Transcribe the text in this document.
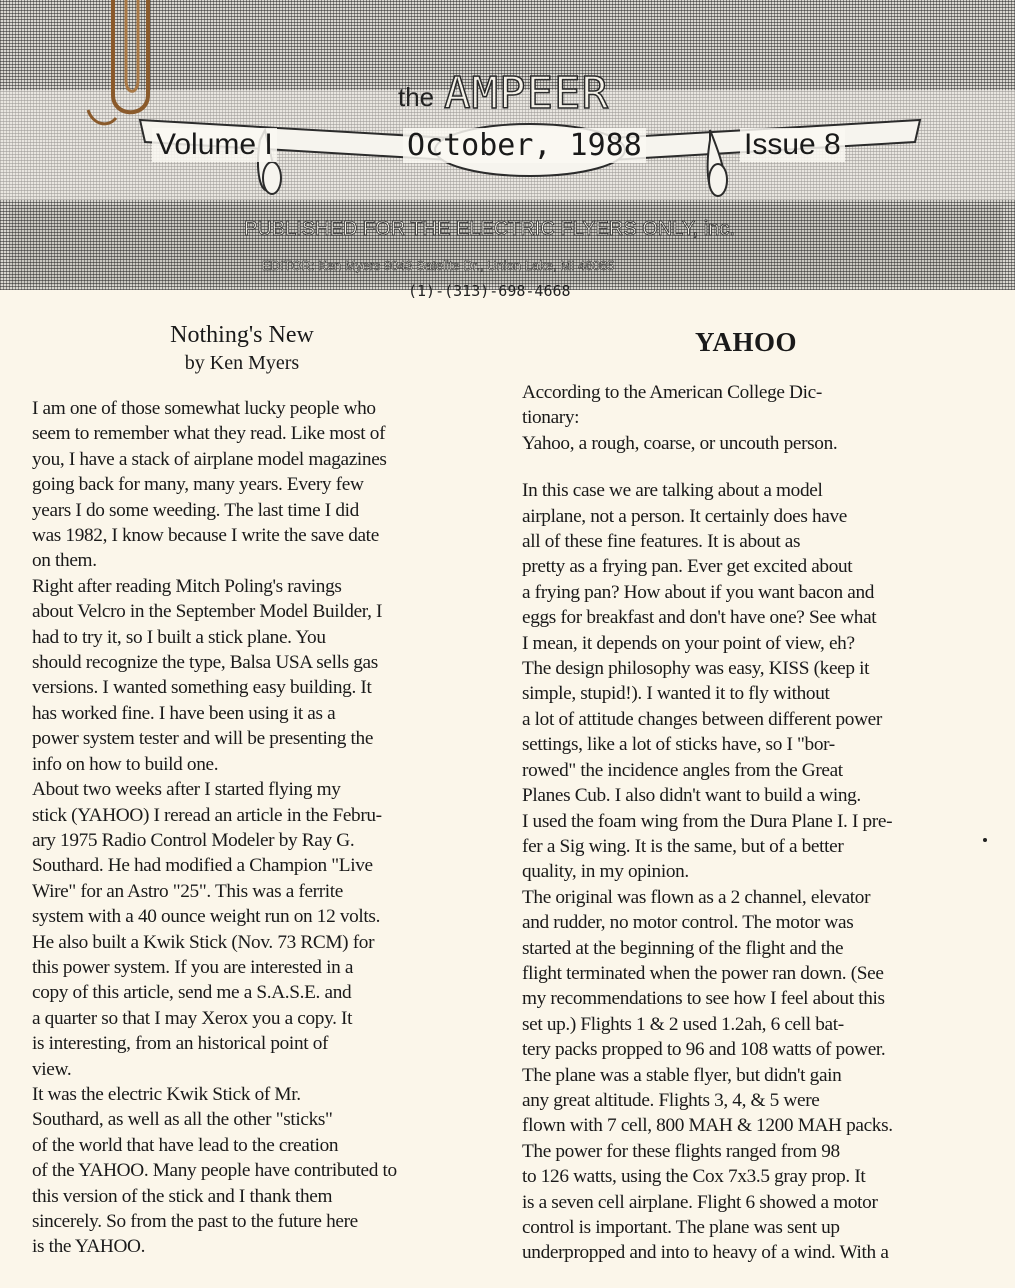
the AMPEER
Volume I	October, 1988	Issue 8
PUBLISHED FOR THE ELECTRIC FLYERS ONLY, inc.
EDITOR: Ken Myers 9043 Satelite Dr., Union Lake, MI 48085
(1)-(313)-698-4668
Nothing's New
by Ken Myers

I am one of those somewhat lucky people who
seem to remember what they read. Like most of
you, I have a stack of airplane model magazines
going back for many, many years. Every few
years I do some weeding. The last time I did
was 1982, I know because I write the save date
on them.

Right after reading Mitch Poling's ravings
about Velcro in the September Model Builder, I
had to try it, so I built a stick plane. You
should recognize the type, Balsa USA sells gas
versions. I wanted something easy building. It
has worked fine. I have been using it as a
power system tester and will be presenting the
info on how to build one.

About two weeks after I started flying my
stick (YAHOO) I reread an article in the Febru-
ary 1975 Radio Control Modeler by Ray G.
Southard. He had modified a Champion "Live
Wire" for an Astro "25". This was a ferrite
system with a 40 ounce weight run on 12 volts.
He also built a Kwik Stick (Nov. 73 RCM) for
this power system. If you are interested in a
copy of this article, send me a S.A.S.E. and
a quarter so that I may Xerox you a copy. It
is interesting, from an historical point of
view.

It was the electric Kwik Stick of Mr.
Southard, as well as all the other "sticks"
of the world that have lead to the creation
of the YAHOO. Many people have contributed to
this version of the stick and I thank them
sincerely. So from the past to the future here
is the YAHOO.

YAHOO

According to the American College Dic-
tionary:
Yahoo, a rough, coarse, or uncouth person.

In this case we are talking about a model
airplane, not a person. It certainly does have
all of these fine features. It is about as
pretty as a frying pan. Ever get excited about
a frying pan? How about if you want bacon and
eggs for breakfast and don't have one? See what
I mean, it depends on your point of view, eh?

The design philosophy was easy, KISS (keep it
simple, stupid!). I wanted it to fly without
a lot of attitude changes between different power
settings, like a lot of sticks have, so I "bor-
rowed" the incidence angles from the Great
Planes Cub. I also didn't want to build a wing.
I used the foam wing from the Dura Plane I. I pre-
fer a Sig wing. It is the same, but of a better
quality, in my opinion.

The original was flown as a 2 channel, elevator
and rudder, no motor control. The motor was
started at the beginning of the flight and the
flight terminated when the power ran down. (See
my recommendations to see how I feel about this
set up.) Flights 1 & 2 used 1.2ah, 6 cell bat-
tery packs propped to 96 and 108 watts of power.
The plane was a stable flyer, but didn't gain
any great altitude. Flights 3, 4, & 5 were
flown with 7 cell, 800 MAH & 1200 MAH packs.
The power for these flights ranged from 98
to 126 watts, using the Cox 7x3.5 gray prop. It
is a seven cell airplane. Flight 6 showed a motor
control is important. The plane was sent up
underpropped and into to heavy of a wind. With a
